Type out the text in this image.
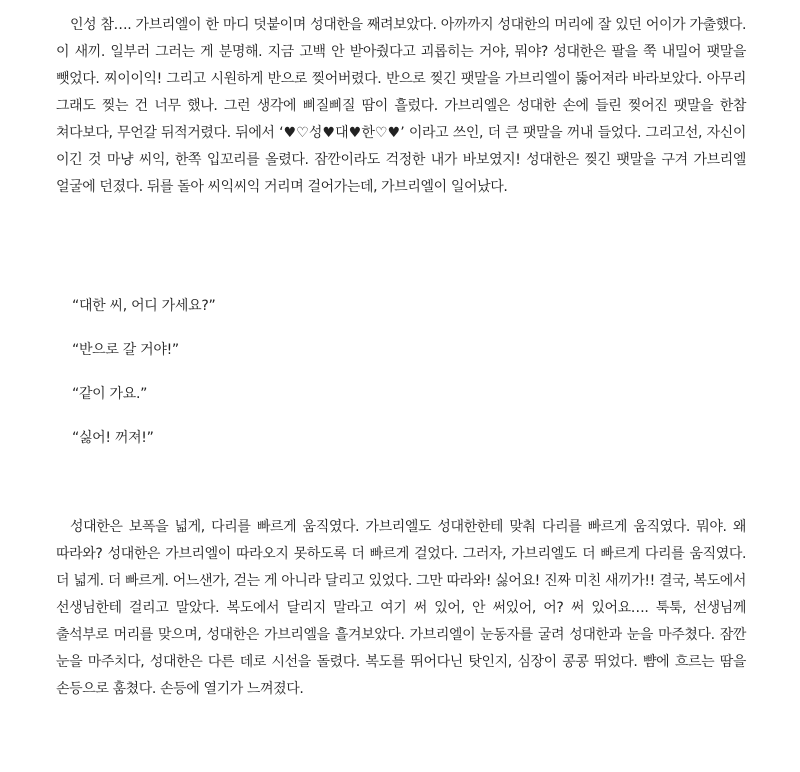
인성 참…. 가브리엘이 한 마디 덧붙이며 성대한을 째려보았다. 아까까지 성대한의 머리에 잘 있던 어이가 가출했다. 이 새끼. 일부러 그러는 게 분명해. 지금 고백 안 받아줬다고 괴롭히는 거야, 뭐야? 성대한은 팔을 쭉 내밀어 팻말을 뺏었다. 찌이이익! 그리고 시원하게 반으로 찢어버렸다. 반으로 찢긴 팻말을 가브리엘이 뚫어져라 바라보았다. 아무리 그래도 찢는 건 너무 했나. 그런 생각에 삐질삐질 땀이 흘렀다. 가브리엘은 성대한 손에 들린 찢어진 팻말을 한참 쳐다보다, 무언갈 뒤적거렸다. 뒤에서 ‘♥♡성♥대♥한♡♥’ 이라고 쓰인, 더 큰 팻말을 꺼내 들었다. 그리고선, 자신이 이긴 것 마냥 씨익, 한쪽 입꼬리를 올렸다. 잠깐이라도 걱정한 내가 바보였지! 성대한은 찢긴 팻말을 구겨 가브리엘 얼굴에 던졌다. 뒤를 돌아 씨익씨익 거리며 걸어가는데, 가브리엘이 일어났다.

“대한 씨, 어디 가세요?”

“반으로 갈 거야!”

“같이 가요.”

“싫어! 꺼져!”

성대한은 보폭을 넓게, 다리를 빠르게 움직였다. 가브리엘도 성대한한테 맞춰 다리를 빠르게 움직였다. 뭐야. 왜 따라와? 성대한은 가브리엘이 따라오지 못하도록 더 빠르게 걸었다. 그러자, 가브리엘도 더 빠르게 다리를 움직였다. 더 넓게. 더 빠르게. 어느샌가, 걷는 게 아니라 달리고 있었다. 그만 따라와! 싫어요! 진짜 미친 새끼가!! 결국, 복도에서 선생님한테 걸리고 말았다. 복도에서 달리지 말라고 여기 써 있어, 안 써있어, 어? 써 있어요…. 툭툭, 선생님께 출석부로 머리를 맞으며, 성대한은 가브리엘을 흘겨보았다. 가브리엘이 눈동자를 굴려 성대한과 눈을 마주쳤다. 잠깐 눈을 마주치다, 성대한은 다른 데로 시선을 돌렸다. 복도를 뛰어다닌 탓인지, 심장이 콩콩 뛰었다. 뺨에 흐르는 땀을 손등으로 훔쳤다. 손등에 열기가 느껴졌다.
